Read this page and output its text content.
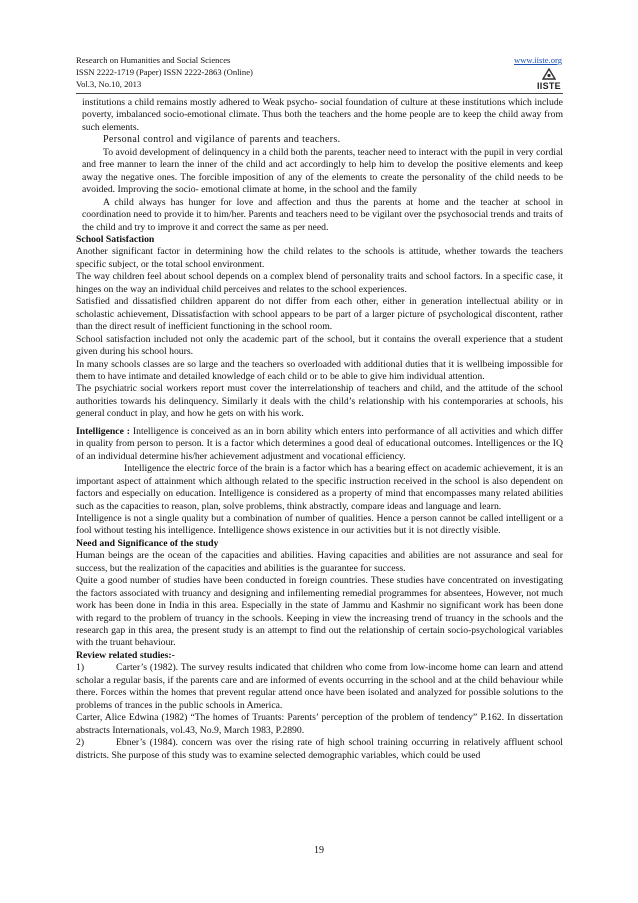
Research on Humanities and Social Sciences
ISSN 2222-1719 (Paper) ISSN 2222-2863 (Online)
Vol.3, No.10, 2013
www.iiste.org
IISTE

institutions a child remains mostly adhered to Weak psycho- social foundation of culture at these institutions which include poverty, imbalanced socio-emotional climate. Thus both the teachers and the home people are to keep the child away from such elements.

Personal control and vigilance of parents and teachers.

To avoid development of delinquency in a child both the parents, teacher need to interact with the pupil in very cordial and free manner to learn the inner of the child and act accordingly to help him to develop the positive elements and keep away the negative ones. The forcible imposition of any of the elements to create the personality of the child needs to be avoided. Improving the socio- emotional climate at home, in the school and the family

A child always has hunger for love and affection and thus the parents at home and the teacher at school in coordination need to provide it to him/her. Parents and teachers need to be vigilant over the psychosocial trends and traits of the child and try to improve it and correct the same as per need.

School Satisfaction

Another significant factor in determining how the child relates to the schools is attitude, whether towards the teachers specific subject, or the total school environment.

The way children feel about school depends on a complex blend of personality traits and school factors. In a specific case, it hinges on the way an individual child perceives and relates to the school experiences.

Satisfied and dissatisfied children apparent do not differ from each other, either in generation intellectual ability or in scholastic achievement, Dissatisfaction with school appears to be part of a larger picture of psychological discontent, rather than the direct result of inefficient functioning in the school room.

School satisfaction included not only the academic part of the school, but it contains the overall experience that a student given during his school hours.

In many schools classes are so large and the teachers so overloaded with additional duties that it is wellbeing impossible for them to have intimate and detailed knowledge of each child or to be able to give him individual attention.

The psychiatric social workers report must cover the interrelationship of teachers and child, and the attitude of the school authorities towards his delinquency. Similarly it deals with the child’s relationship with his contemporaries at schools, his general conduct in play, and how he gets on with his work.

Intelligence : Intelligence is conceived as an in born ability which enters into performance of all activities and which differ in quality from person to person. It is a factor which determines a good deal of educational outcomes. Intelligences or the IQ of an individual determine his/her achievement adjustment and vocational efficiency.

Intelligence the electric force of the brain is a factor which has a bearing effect on academic achievement, it is an important aspect of attainment which although related to the specific instruction received in the school is also dependent on factors and especially on education. Intelligence is considered as a property of mind that encompasses many related abilities such as the capacities to reason, plan, solve problems, think abstractly, compare ideas and language and learn.

Intelligence is not a single quality but a combination of number of qualities. Hence a person cannot be called intelligent or a fool without testing his intelligence. Intelligence shows existence in our activities but it is not directly visible.

Need and Significance of the study

Human beings are the ocean of the capacities and abilities. Having capacities and abilities are not assurance and seal for success, but the realization of the capacities and abilities is the guarantee for success.

Quite a good number of studies have been conducted in foreign countries. These studies have concentrated on investigating the factors associated with truancy and designing and infilementing remedial programmes for absentees, However, not much work has been done in India in this area. Especially in the state of Jammu and Kashmir no significant work has been done with regard to the problem of truancy in the schools. Keeping in view the increasing trend of truancy in the schools and the research gap in this area, the present study is an attempt to find out the relationship of certain socio-psychological variables with the truant behaviour.

Review related studies:-

1)	Carter’s (1982). The survey results indicated that children who come from low-income home can learn and attend scholar a regular basis, if the parents care and are informed of events occurring in the school and at the child behaviour while there. Forces within the homes that prevent regular attend once have been isolated and analyzed for possible solutions to the problems of trances in the public schools in America.

Carter, Alice Edwina (1982) “The homes of Truants: Parents’ perception of the problem of tendency” P.162. In dissertation abstracts Internationals, vol.43, No.9, March 1983, P.2890.

2)	Ebner’s (1984). concern was over the rising rate of high school training occurring in relatively affluent school districts. She purpose of this study was to examine selected demographic variables, which could be used

19
